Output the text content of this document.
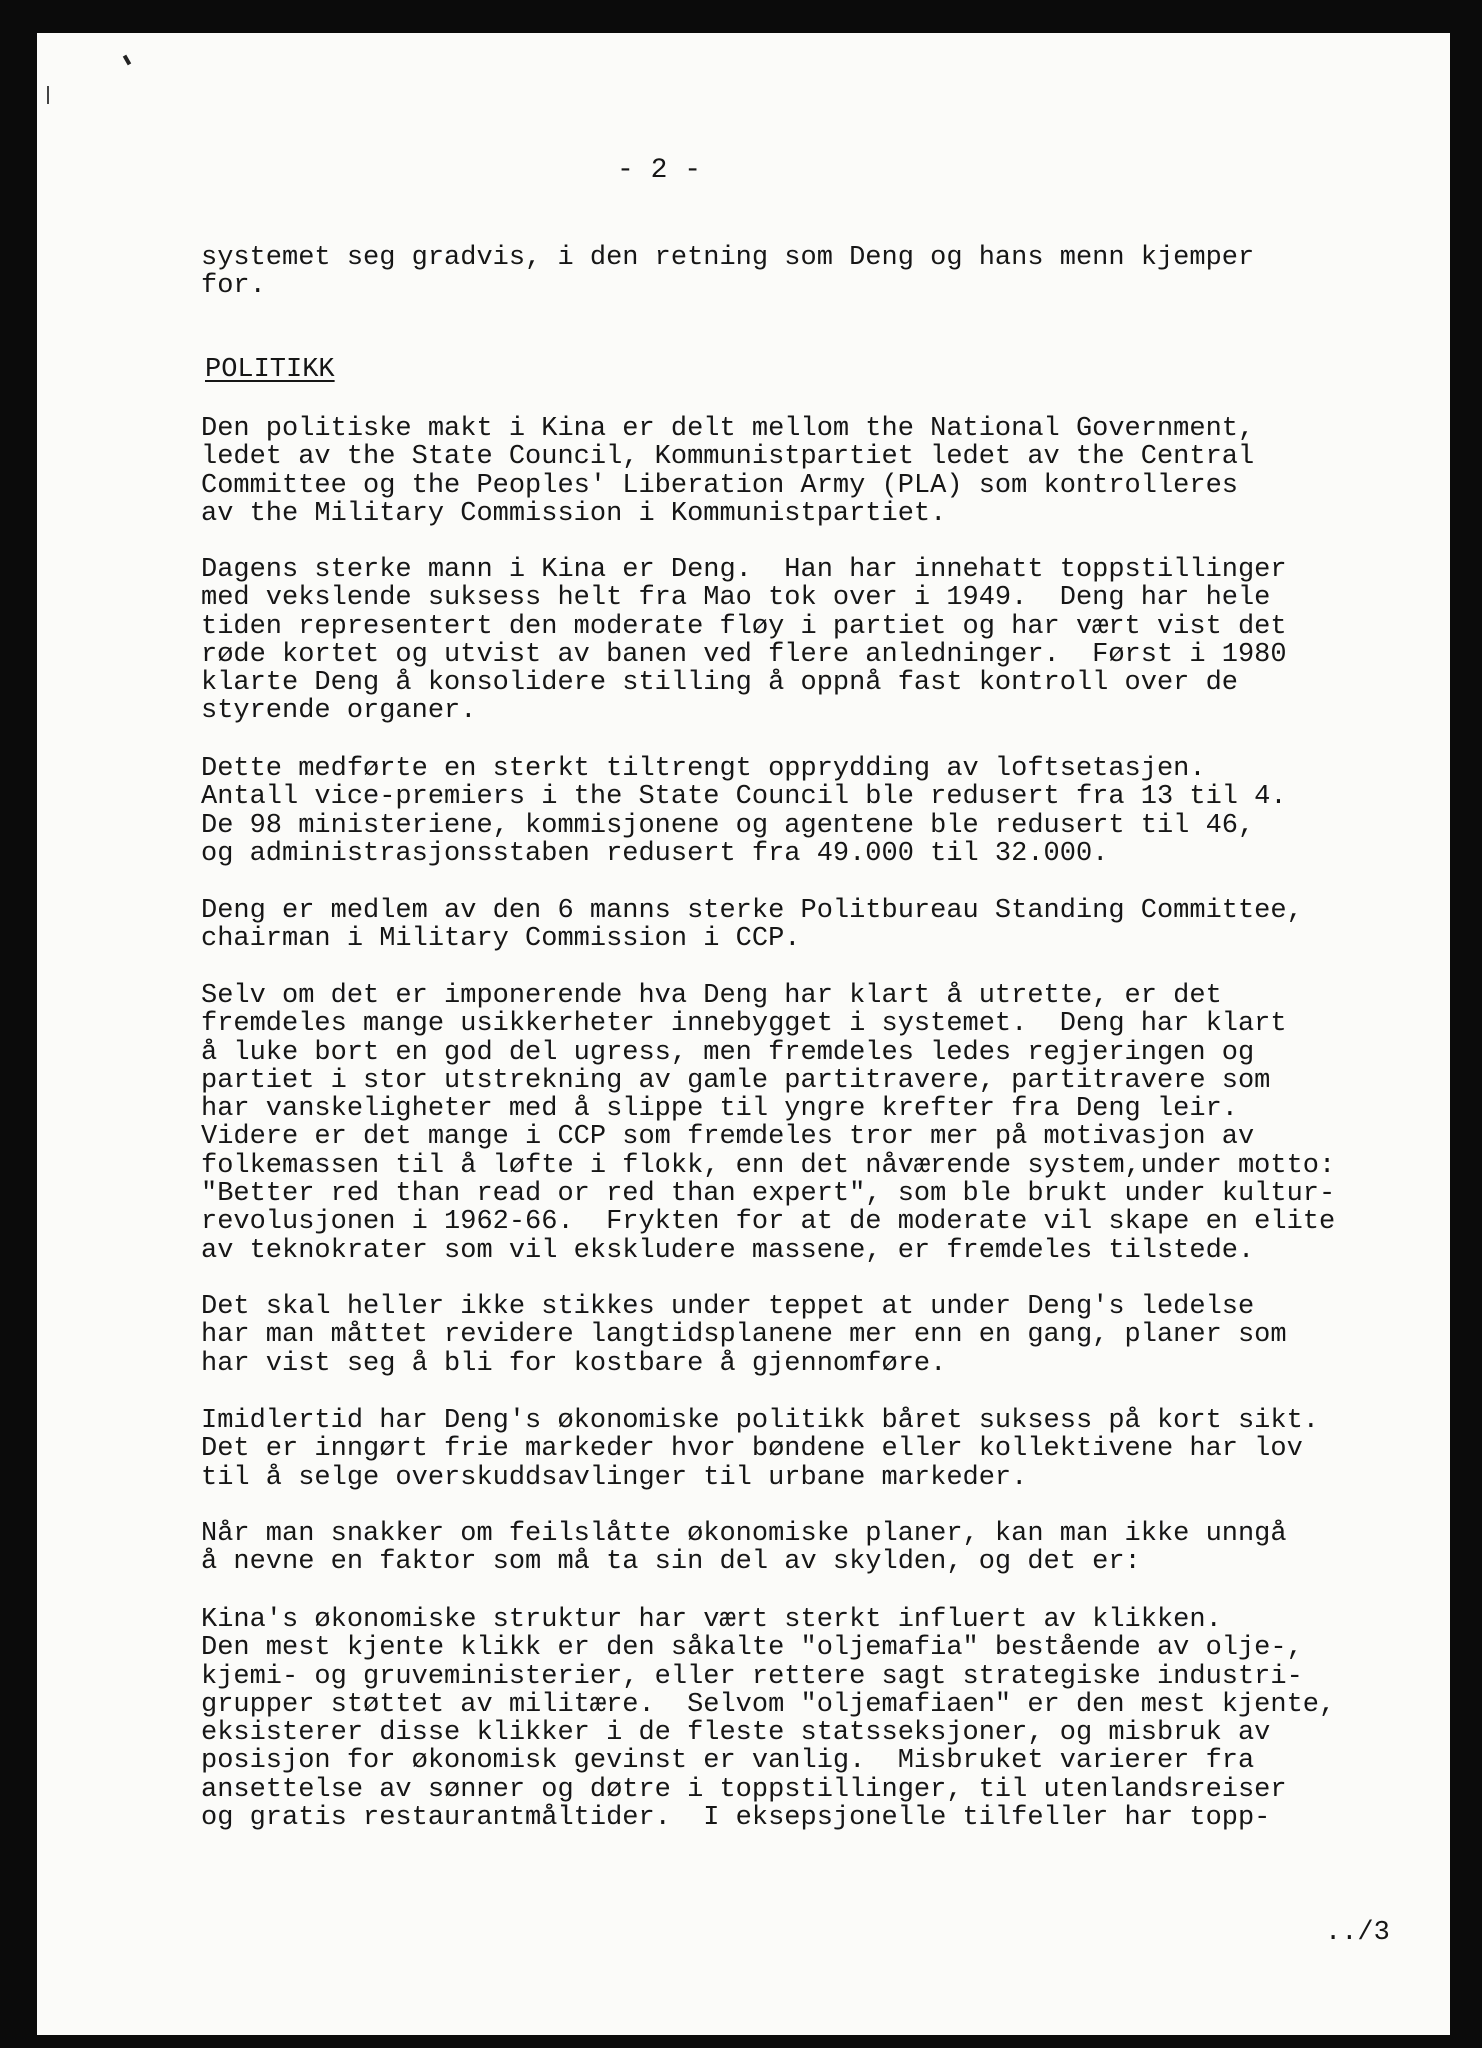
- 2 -
systemet seg gradvis, i den retning som Deng og hans menn kjemper
for.
POLITIKK
Den politiske makt i Kina er delt mellom the National Government,
ledet av the State Council, Kommunistpartiet ledet av the Central
Committee og the Peoples' Liberation Army (PLA) som kontrolleres
av the Military Commission i Kommunistpartiet.
Dagens sterke mann i Kina er Deng.  Han har innehatt toppstillinger
med vekslende suksess helt fra Mao tok over i 1949.  Deng har hele
tiden representert den moderate fløy i partiet og har vært vist det
røde kortet og utvist av banen ved flere anledninger.  Først i 1980
klarte Deng å konsolidere stilling å oppnå fast kontroll over de
styrende organer.
Dette medførte en sterkt tiltrengt opprydding av loftsetasjen.
Antall vice-premiers i the State Council ble redusert fra 13 til 4.
De 98 ministeriene, kommisjonene og agentene ble redusert til 46,
og administrasjonsstaben redusert fra 49.000 til 32.000.
Deng er medlem av den 6 manns sterke Politbureau Standing Committee,
chairman i Military Commission i CCP.
Selv om det er imponerende hva Deng har klart å utrette, er det
fremdeles mange usikkerheter innebygget i systemet.  Deng har klart
å luke bort en god del ugress, men fremdeles ledes regjeringen og
partiet i stor utstrekning av gamle partitravere, partitravere som
har vanskeligheter med å slippe til yngre krefter fra Deng leir.
Videre er det mange i CCP som fremdeles tror mer på motivasjon av
folkemassen til å løfte i flokk, enn det nåværende system,under motto:
"Better red than read or red than expert", som ble brukt under kultur-
revolusjonen i 1962-66.  Frykten for at de moderate vil skape en elite
av teknokrater som vil ekskludere massene, er fremdeles tilstede.
Det skal heller ikke stikkes under teppet at under Deng's ledelse
har man måttet revidere langtidsplanene mer enn en gang, planer som
har vist seg å bli for kostbare å gjennomføre.
Imidlertid har Deng's økonomiske politikk båret suksess på kort sikt.
Det er inngørt frie markeder hvor bøndene eller kollektivene har lov
til å selge overskuddsavlinger til urbane markeder.
Når man snakker om feilslåtte økonomiske planer, kan man ikke unngå
å nevne en faktor som må ta sin del av skylden, og det er:
Kina's økonomiske struktur har vært sterkt influert av klikken.
Den mest kjente klikk er den såkalte "oljemafia" bestående av olje-,
kjemi- og gruveministerier, eller rettere sagt strategiske industri-
grupper støttet av militære.  Selvom "oljemafiaen" er den mest kjente,
eksisterer disse klikker i de fleste statsseksjoner, og misbruk av
posisjon for økonomisk gevinst er vanlig.  Misbruket varierer fra
ansettelse av sønner og døtre i toppstillinger, til utenlandsreiser
og gratis restaurantmåltider.  I eksepsjonelle tilfeller har topp-
../3
